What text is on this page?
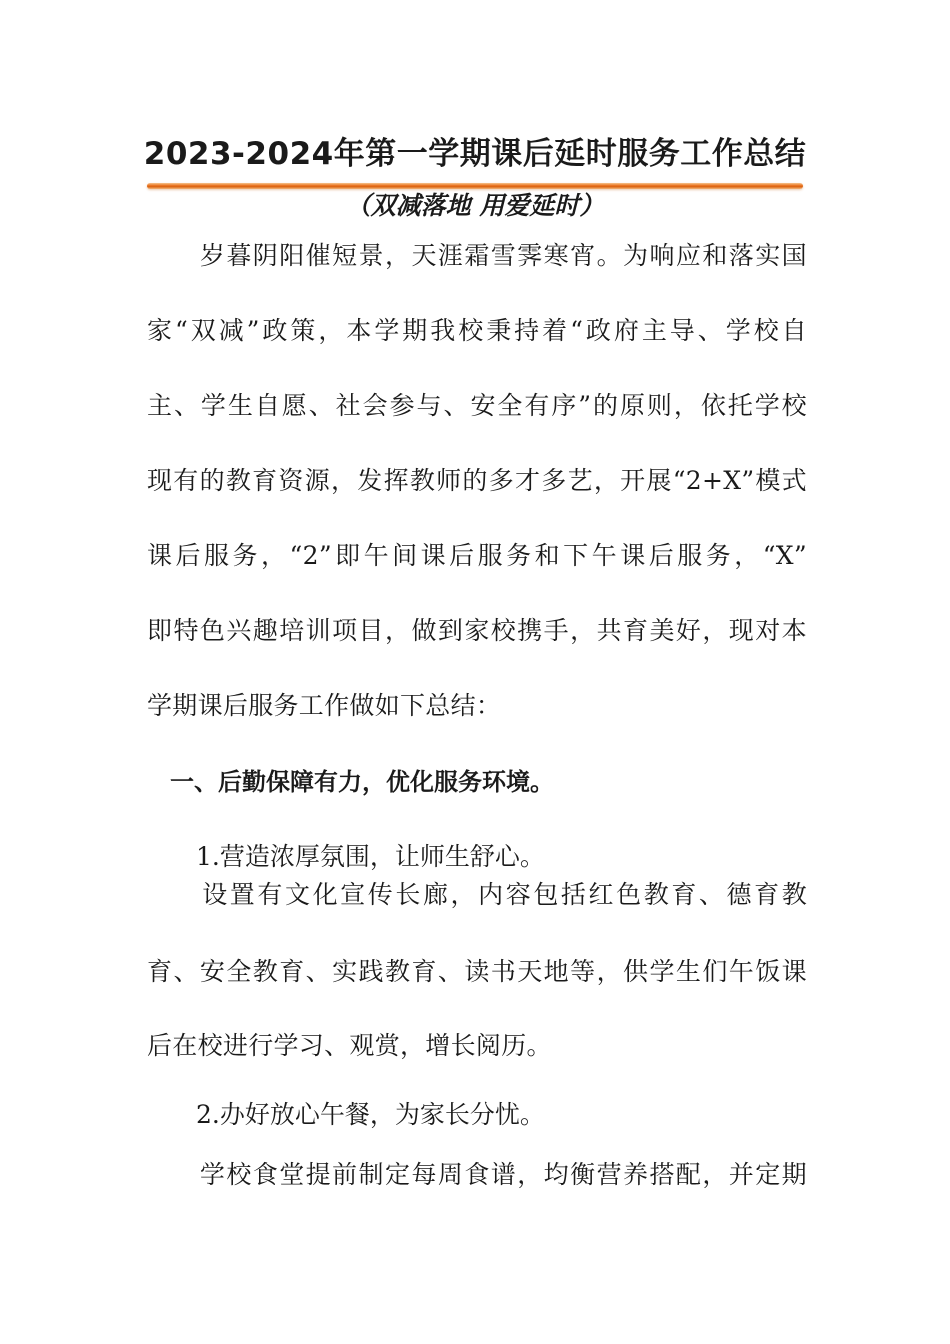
2023-2024年第一学期课后延时服务工作总结
（双减落地 用爱延时）
　　岁暮阴阳催短景，天涯霜雪霁寒宵。为响应和落实国
家“双减”政策，本学期我校秉持着“政府主导、学校自
主、学生自愿、社会参与、安全有序”的原则，依托学校
现有的教育资源，发挥教师的多才多艺，开展“2+X”模式
课后服务，“2”即午间课后服务和下午课后服务，“X”
即特色兴趣培训项目，做到家校携手，共育美好，现对本
学期课后服务工作做如下总结：
一、后勤保障有力，优化服务环境。
1.营造浓厚氛围，让师生舒心。
　　设置有文化宣传长廊，内容包括红色教育、德育教
育、安全教育、实践教育、读书天地等，供学生们午饭课
后在校进行学习、观赏，增长阅历。
2.办好放心午餐，为家长分忧。
　　学校食堂提前制定每周食谱，均衡营养搭配，并定期
